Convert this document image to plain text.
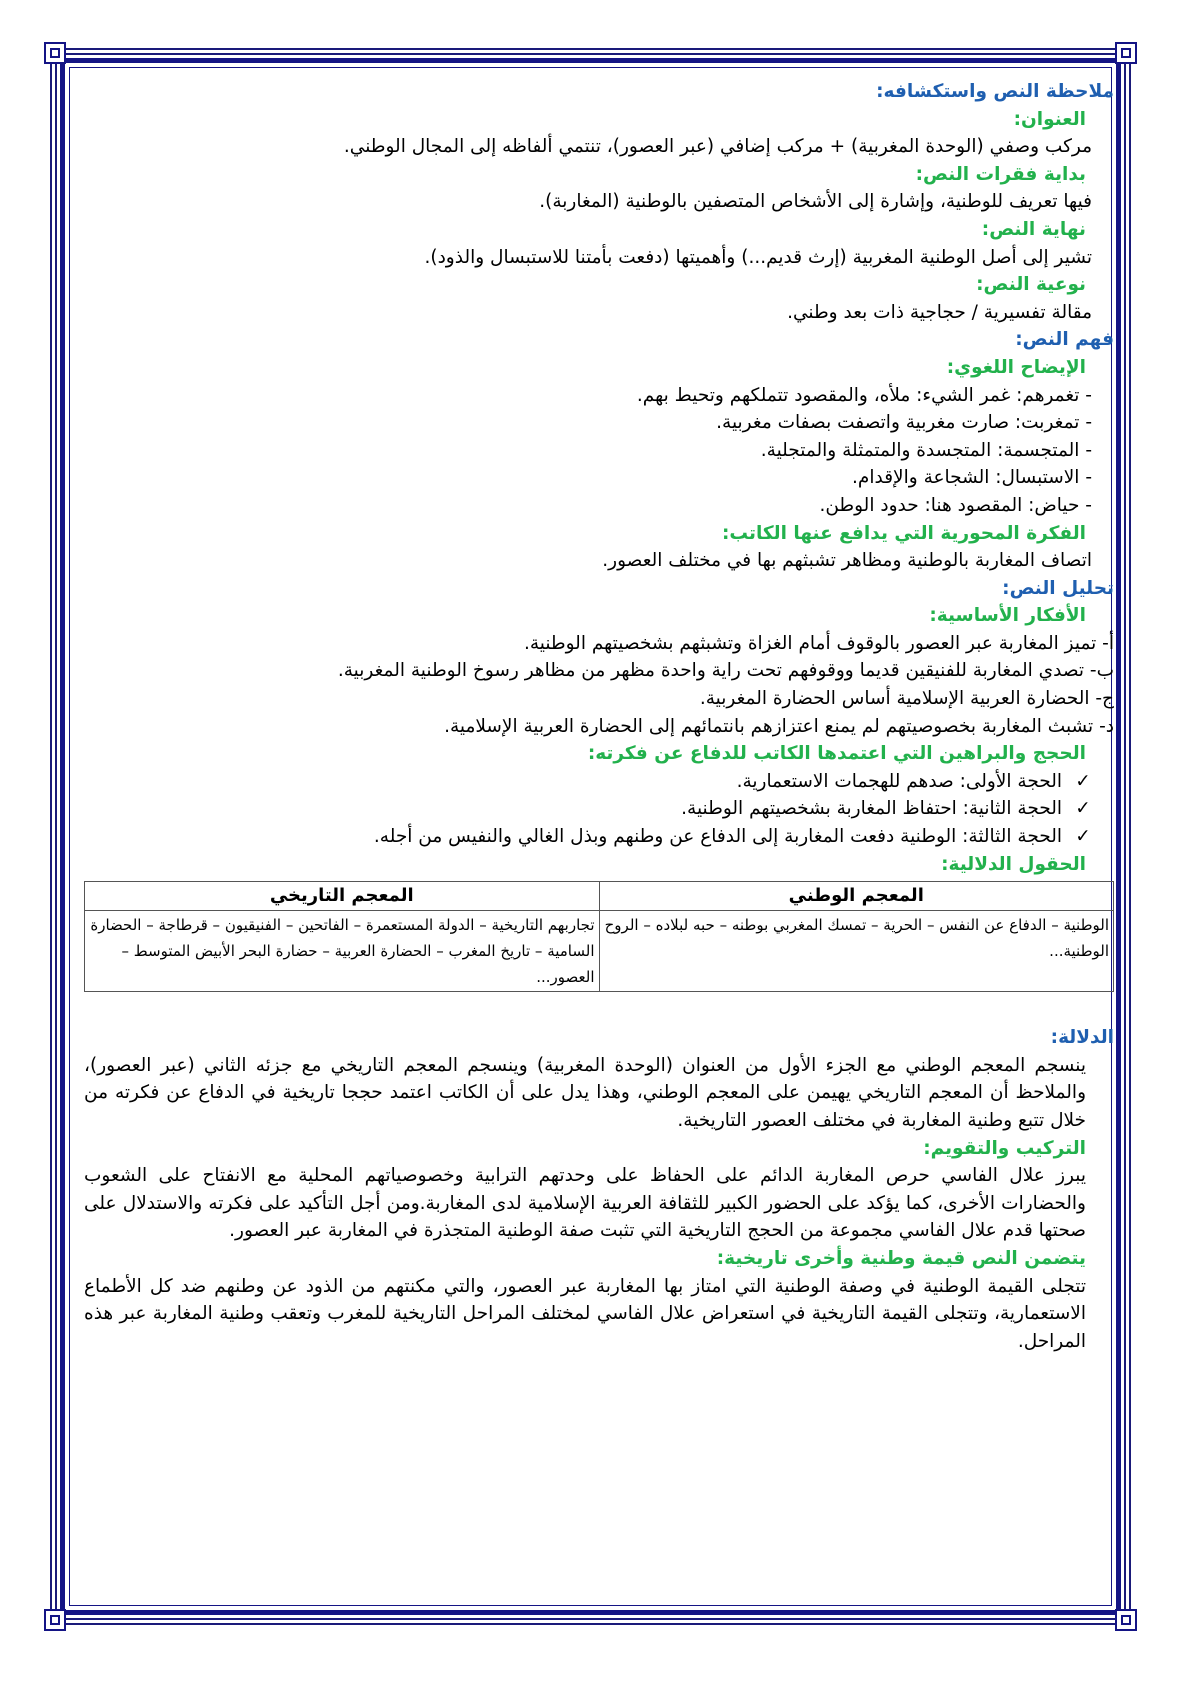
ملاحظة النص واستكشافه:

العنوان:

مركب وصفي (الوحدة المغربية) + مركب إضافي (عبر العصور)، تنتمي ألفاظه إلى المجال الوطني.

بداية فقرات النص:

فيها تعريف للوطنية، وإشارة إلى الأشخاص المتصفين بالوطنية (المغاربة).

نهاية النص:

تشير إلى أصل الوطنية المغربية (إرث قديم...) وأهميتها (دفعت بأمتنا للاستبسال والذود).

نوعية النص:

مقالة تفسيرية / حجاجية ذات بعد وطني.

فهم النص:

الإيضاح اللغوي:

- تغمرهم: غمر الشيء: ملأه، والمقصود تتملكهم وتحيط بهم.

- تمغربت: صارت مغربية واتصفت بصفات مغربية.

- المتجسمة: المتجسدة والمتمثلة والمتجلية.

- الاستبسال: الشجاعة والإقدام.

- حياض: المقصود هنا: حدود الوطن.

الفكرة المحورية التي يدافع عنها الكاتب:

اتصاف المغاربة بالوطنية ومظاهر تشبثهم بها في مختلف العصور.

تحليل النص:

الأفكار الأساسية:

أ- تميز المغاربة عبر العصور بالوقوف أمام الغزاة وتشبثهم بشخصيتهم الوطنية.

ب- تصدي المغاربة للفنيقين قديما ووقوفهم تحت راية واحدة مظهر من مظاهر رسوخ الوطنية المغربية.

ج- الحضارة العربية الإسلامية أساس الحضارة المغربية.

د- تشبث المغاربة بخصوصيتهم لم يمنع اعتزازهم بانتمائهم إلى الحضارة العربية الإسلامية.

الحجج والبراهين التي اعتمدها الكاتب للدفاع عن فكرته:

✓
الحجة الأولى: صدهم للهجمات الاستعمارية.
✓
الحجة الثانية: احتفاظ المغاربة بشخصيتهم الوطنية.
✓
الحجة الثالثة: الوطنية دفعت المغاربة إلى الدفاع عن وطنهم وبذل الغالي والنفيس من أجله.

الحقول الدلالية:

المعجم الوطني	المعجم التاريخي
الوطنية – الدفاع عن النفس – الحرية – تمسك المغربي بوطنه – حبه لبلاده – الروح الوطنية...	تجاربهم التاريخية – الدولة المستعمرة – الفاتحين – الفنيقيون – قرطاجة – الحضارة السامية – تاريخ المغرب – الحضارة العربية – حضارة البحر الأبيض المتوسط – العصور...

الدلالة:

ينسجم المعجم الوطني مع الجزء الأول من العنوان (الوحدة المغربية) وينسجم المعجم التاريخي مع جزئه الثاني (عبر العصور)، والملاحظ أن المعجم التاريخي يهيمن على المعجم الوطني، وهذا يدل على أن الكاتب اعتمد حججا تاريخية في الدفاع عن فكرته من خلال تتبع وطنية المغاربة في مختلف العصور التاريخية.

التركيب والتقويم:

يبرز علال الفاسي حرص المغاربة الدائم على الحفاظ على وحدتهم الترابية وخصوصياتهم المحلية مع الانفتاح على الشعوب والحضارات الأخرى، كما يؤكد على الحضور الكبير للثقافة العربية الإسلامية لدى المغاربة.ومن أجل التأكيد على فكرته والاستدلال على صحتها قدم علال الفاسي مجموعة من الحجج التاريخية التي تثبت صفة الوطنية المتجذرة في المغاربة عبر العصور.

يتضمن النص قيمة وطنية وأخرى تاريخية:

تتجلى القيمة الوطنية في وصفة الوطنية التي امتاز بها المغاربة عبر العصور، والتي مكنتهم من الذود عن وطنهم ضد كل الأطماع الاستعمارية، وتتجلى القيمة التاريخية في استعراض علال الفاسي لمختلف المراحل التاريخية للمغرب وتعقب وطنية المغاربة عبر هذه المراحل.
